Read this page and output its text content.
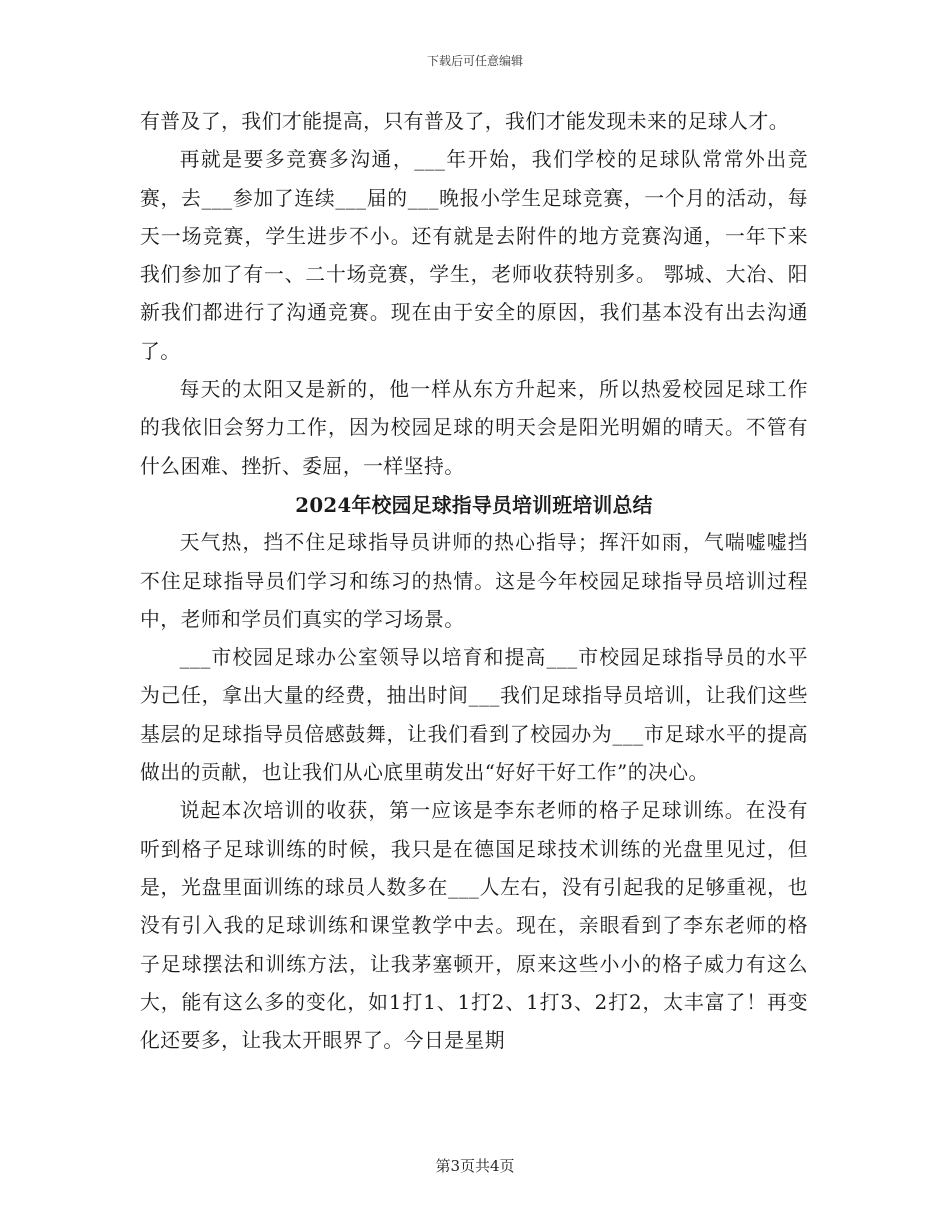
下载后可任意编辑

有普及了，我们才能提高，只有普及了，我们才能发现未来的足球人才。

再就是要多竞赛多沟通，___年开始，我们学校的足球队常常外出竞赛，去___参加了连续___届的___晚报小学生足球竞赛，一个月的活动，每天一场竞赛，学生进步不小。还有就是去附件的地方竞赛沟通，一年下来我们参加了有一、二十场竞赛，学生，老师收获特别多。 鄂城、大冶、阳新我们都进行了沟通竞赛。现在由于安全的原因，我们基本没有出去沟通了。

每天的太阳又是新的，他一样从东方升起来，所以热爱校园足球工作的我依旧会努力工作，因为校园足球的明天会是阳光明媚的晴天。不管有什么困难、挫折、委屈，一样坚持。

2024年校园足球指导员培训班培训总结

天气热，挡不住足球指导员讲师的热心指导；挥汗如雨，气喘嘘嘘挡不住足球指导员们学习和练习的热情。这是今年校园足球指导员培训过程中，老师和学员们真实的学习场景。

___市校园足球办公室领导以培育和提高___市校园足球指导员的水平为己任，拿出大量的经费，抽出时间___我们足球指导员培训，让我们这些基层的足球指导员倍感鼓舞，让我们看到了校园办为___市足球水平的提高做出的贡献，也让我们从心底里萌发出“好好干好工作”的决心。

说起本次培训的收获，第一应该是李东老师的格子足球训练。在没有听到格子足球训练的时候，我只是在德国足球技术训练的光盘里见过，但是，光盘里面训练的球员人数多在___人左右，没有引起我的足够重视，也没有引入我的足球训练和课堂教学中去。现在，亲眼看到了李东老师的格子足球摆法和训练方法，让我茅塞顿开，原来这些小小的格子威力有这么大，能有这么多的变化，如1打1、1打2、1打3、2打2，太丰富了！再变化还要多，让我太开眼界了。今日是星期

第3页共4页
